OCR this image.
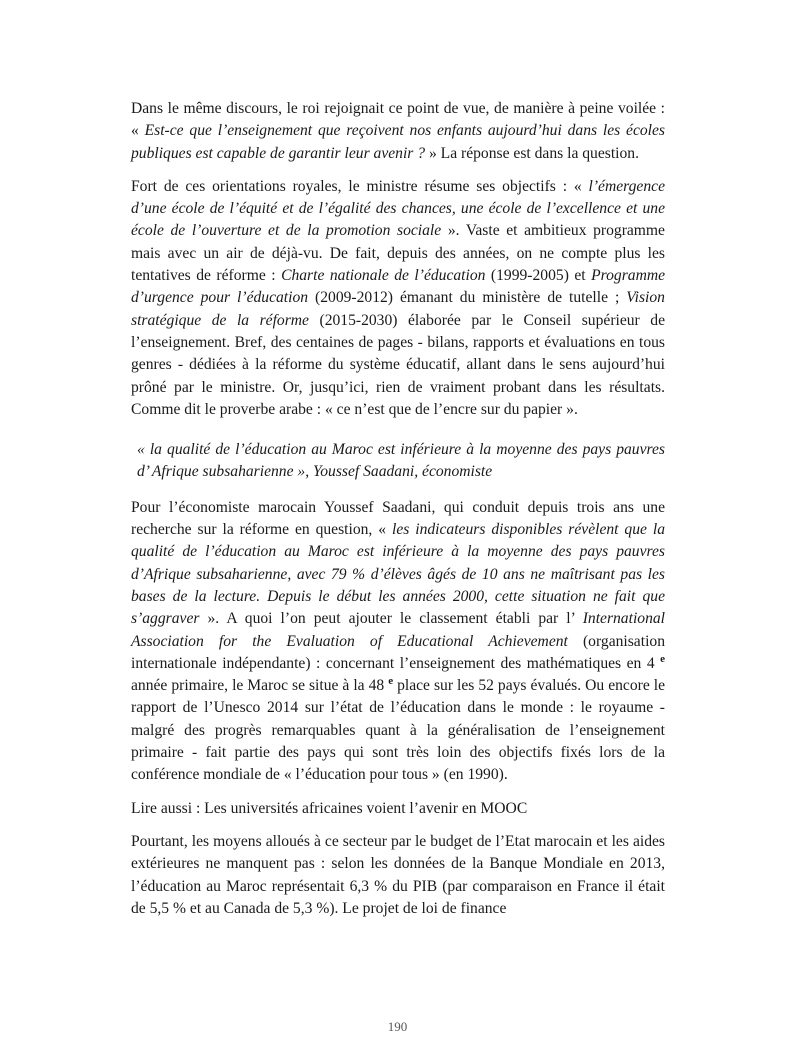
Dans le même discours, le roi rejoignait ce point de vue, de manière à peine voilée : « Est-ce que l’enseignement que reçoivent nos enfants aujourd’hui dans les écoles publiques est capable de garantir leur avenir ? » La réponse est dans la question.

Fort de ces orientations royales, le ministre résume ses objectifs : « l’émergence d’une école de l’équité et de l’égalité des chances, une école de l’excellence et une école de l’ouverture et de la promotion sociale ». Vaste et ambitieux programme mais avec un air de déjà-vu. De fait, depuis des années, on ne compte plus les tentatives de réforme : Charte nationale de l’éducation (1999-2005) et Programme d’urgence pour l’éducation (2009-2012) émanant du ministère de tutelle ; Vision stratégique de la réforme (2015-2030) élaborée par le Conseil supérieur de l’enseignement. Bref, des centaines de pages - bilans, rapports et évaluations en tous genres - dédiées à la réforme du système éducatif, allant dans le sens aujourd’hui prôné par le ministre. Or, jusqu’ici, rien de vraiment probant dans les résultats. Comme dit le proverbe arabe : « ce n’est que de l’encre sur du papier ».

« la qualité de l’éducation au Maroc est inférieure à la moyenne des pays pauvres d’ Afrique subsaharienne », Youssef Saadani, économiste

Pour l’économiste marocain Youssef Saadani, qui conduit depuis trois ans une recherche sur la réforme en question, « les indicateurs disponibles révèlent que la qualité de l’éducation au Maroc est inférieure à la moyenne des pays pauvres d’Afrique subsaharienne, avec 79 % d’élèves âgés de 10 ans ne maîtrisant pas les bases de la lecture. Depuis le début les années 2000, cette situation ne fait que s’aggraver ». A quoi l’on peut ajouter le classement établi par l’ International Association for the Evaluation of Educational Achievement (organisation internationale indépendante) : concernant l’enseignement des mathématiques en 4 $^e$ année primaire, le Maroc se situe à la 48 $^e$ place sur les 52 pays évalués. Ou encore le rapport de l’Unesco 2014 sur l’état de l’éducation dans le monde : le royaume - malgré des progrès remarquables quant à la généralisation de l’enseignement primaire - fait partie des pays qui sont très loin des objectifs fixés lors de la conférence mondiale de « l’éducation pour tous » (en 1990).

Lire aussi : Les universités africaines voient l’avenir en MOOC

Pourtant, les moyens alloués à ce secteur par le budget de l’Etat marocain et les aides extérieures ne manquent pas : selon les données de la Banque Mondiale en 2013, l’éducation au Maroc représentait 6,3 % du PIB (par comparaison en France il était de 5,5 % et au Canada de 5,3 %). Le projet de loi de finance

190
